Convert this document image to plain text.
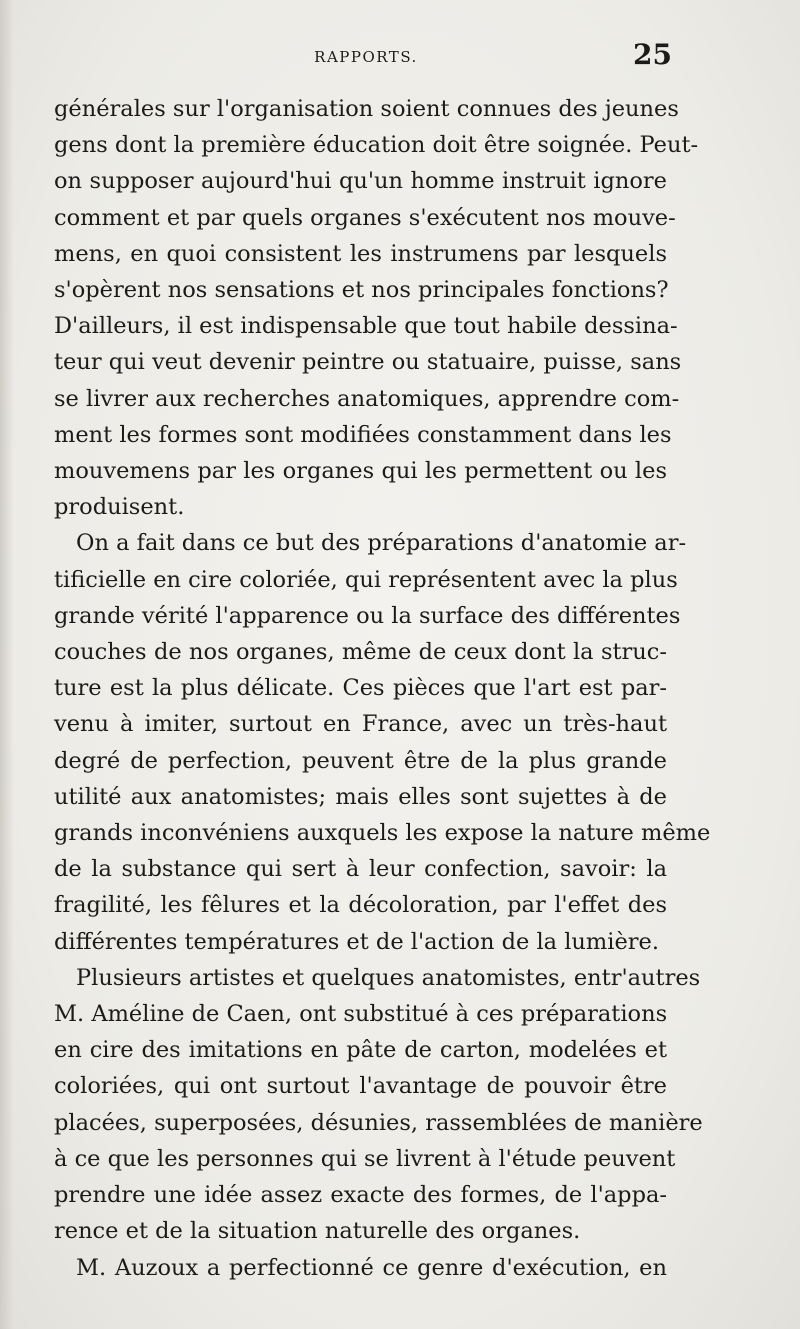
RAPPORTS.	25
générales sur l'organisation soient connues des jeunes
gens dont la première éducation doit être soignée. Peut-
on supposer aujourd'hui qu'un homme instruit ignore
comment et par quels organes s'exécutent nos mouve-
mens, en quoi consistent les instrumens par lesquels
s'opèrent nos sensations et nos principales fonctions?
D'ailleurs, il est indispensable que tout habile dessina-
teur qui veut devenir peintre ou statuaire, puisse, sans
se livrer aux recherches anatomiques, apprendre com-
ment les formes sont modifiées constamment dans les
mouvemens par les organes qui les permettent ou les
produisent.
On a fait dans ce but des préparations d'anatomie ar-
tificielle en cire coloriée, qui représentent avec la plus
grande vérité l'apparence ou la surface des différentes
couches de nos organes, même de ceux dont la struc-
ture est la plus délicate. Ces pièces que l'art est par-
venu à imiter, surtout en France, avec un très-haut
degré de perfection, peuvent être de la plus grande
utilité aux anatomistes; mais elles sont sujettes à de
grands inconvéniens auxquels les expose la nature même
de la substance qui sert à leur confection, savoir: la
fragilité, les fêlures et la décoloration, par l'effet des
différentes températures et de l'action de la lumière.
Plusieurs artistes et quelques anatomistes, entr'autres
M. Améline de Caen, ont substitué à ces préparations
en cire des imitations en pâte de carton, modelées et
coloriées, qui ont surtout l'avantage de pouvoir être
placées, superposées, désunies, rassemblées de manière
à ce que les personnes qui se livrent à l'étude peuvent
prendre une idée assez exacte des formes, de l'appa-
rence et de la situation naturelle des organes.
M. Auzoux a perfectionné ce genre d'exécution, en
